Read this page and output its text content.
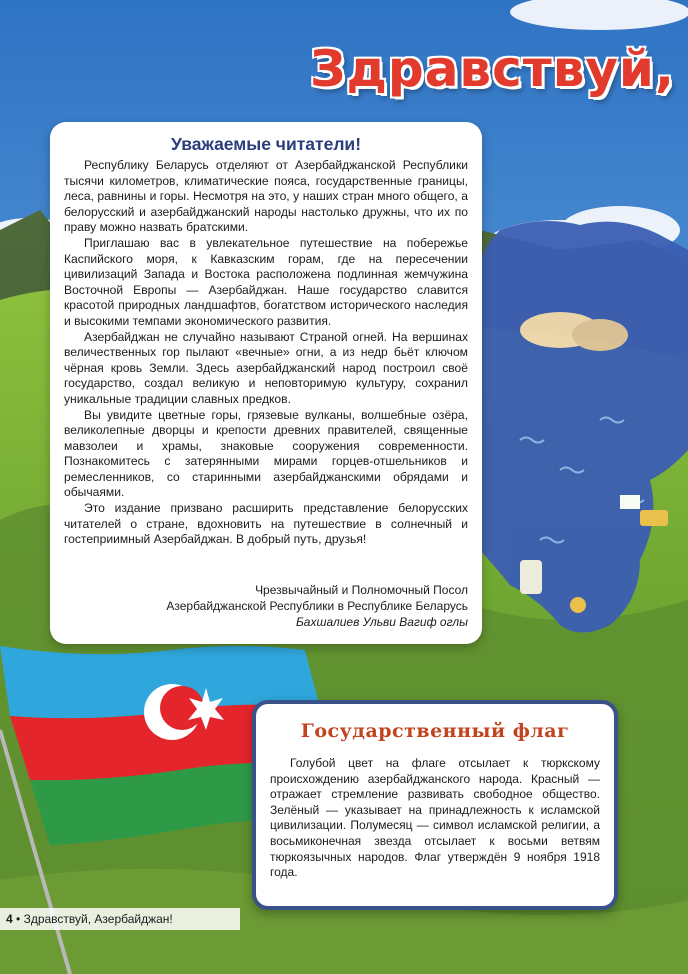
Здравствуй,
Уважаемые читатели!

Республику Беларусь отделяют от Азербайджанской Республики тысячи километров, климатические пояса, государственные границы, леса, равнины и горы. Несмотря на это, у наших стран много общего, а белорусский и азербайджанский народы настолько дружны, что их по праву можно назвать братскими.

Приглашаю вас в увлекательное путешествие на побережье Каспийского моря, к Кавказским горам, где на пересечении цивилизаций Запада и Востока расположена подлинная жемчужина Восточной Европы — Азербайджан. Наше государство славится красотой природных ландшафтов, богатством исторического наследия и высокими темпами экономического развития.

Азербайджан не случайно называют Страной огней. На вершинах величественных гор пылают «вечные» огни, а из недр бьёт ключом чёрная кровь Земли. Здесь азербайджанский народ построил своё государство, создал великую и неповторимую культуру, сохранил уникальные традиции славных предков.

Вы увидите цветные горы, грязевые вулканы, волшебные озёра, великолепные дворцы и крепости древних правителей, священные мавзолеи и храмы, знаковые сооружения современности. Познакомитесь с затерянными мирами горцев-отшельников и ремесленников, со старинными азербайджанскими обрядами и обычаями.

Это издание призвано расширить представление белорусских читателей о стране, вдохновить на путешествие в солнечный и гостеприимный Азербайджан. В добрый путь, друзья!

Чрезвычайный и Полномочный Посол
Азербайджанской Республики в Республике Беларусь
Бахшалиев Ульви Вагиф оглы
Государственный флаг
Голубой цвет на флаге отсылает к тюркскому происхождению азербайджанского народа. Красный — отражает стремление развивать свободное общество. Зелёный — указывает на принадлежность к исламской цивилизации. Полумесяц — символ исламской религии, а восьмиконечная звезда отсылает к восьми ветвям тюркоязычных народов. Флаг утверждён 9 ноября 1918 года.
4 • Здравствуй, Азербайджан!
